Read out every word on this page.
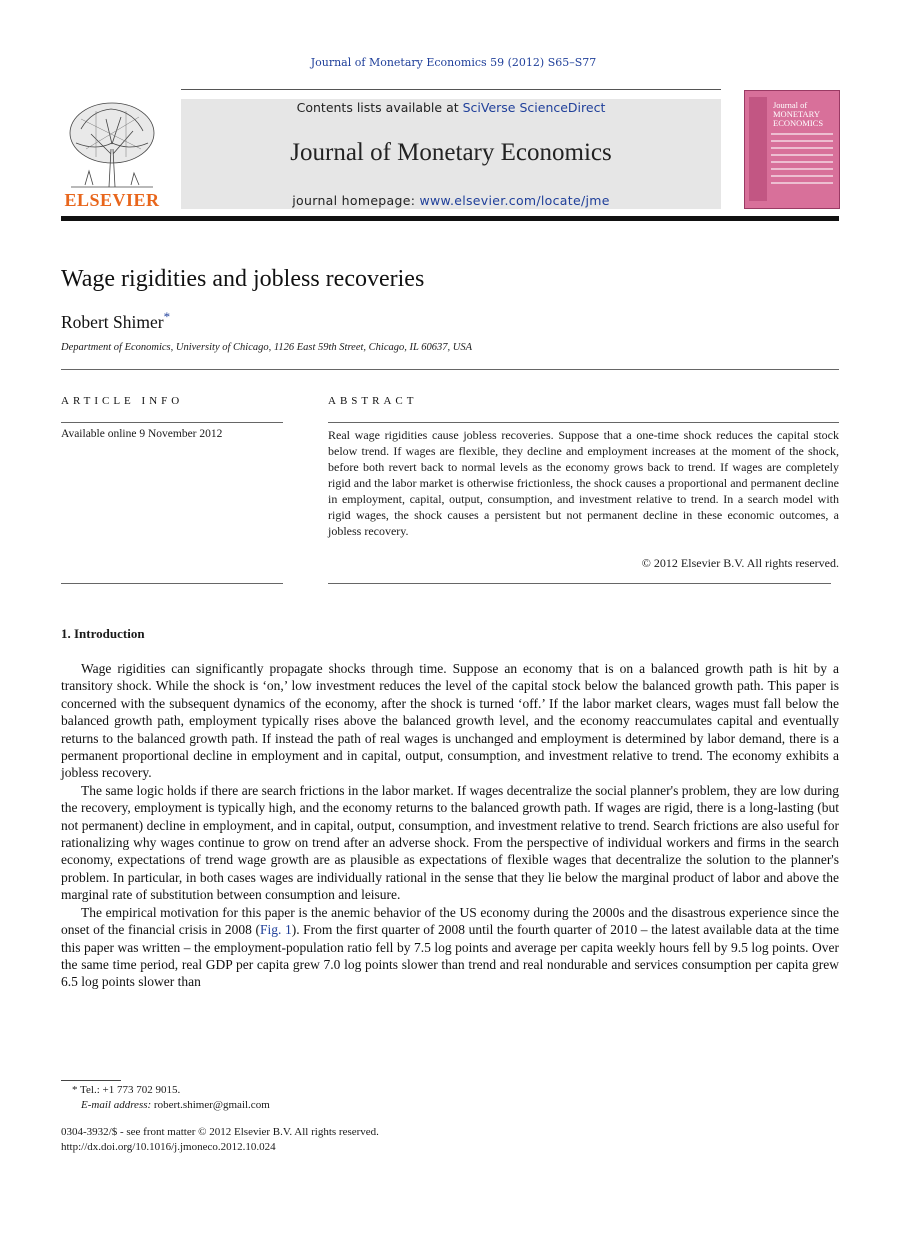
Journal of Monetary Economics 59 (2012) S65–S77
ELSEVIER
Contents lists available at SciVerse ScienceDirect
Journal of Monetary Economics
journal homepage: www.elsevier.com/locate/jme
Journal of MONETARY ECONOMICS
Wage rigidities and jobless recoveries
Robert Shimer*
Department of Economics, University of Chicago, 1126 East 59th Street, Chicago, IL 60637, USA
ARTICLE INFO
Available online 9 November 2012
ABSTRACT
Real wage rigidities cause jobless recoveries. Suppose that a one-time shock reduces the capital stock below trend. If wages are flexible, they decline and employment increases at the moment of the shock, before both revert back to normal levels as the economy grows back to trend. If wages are completely rigid and the labor market is otherwise frictionless, the shock causes a proportional and permanent decline in employment, capital, output, consumption, and investment relative to trend. In a search model with rigid wages, the shock causes a persistent but not permanent decline in these economic outcomes, a jobless recovery.
© 2012 Elsevier B.V. All rights reserved.
1. Introduction

Wage rigidities can significantly propagate shocks through time. Suppose an economy that is on a balanced growth path is hit by a transitory shock. While the shock is ‘on,’ low investment reduces the level of the capital stock below the balanced growth path. This paper is concerned with the subsequent dynamics of the economy, after the shock is turned ‘off.’ If the labor market clears, wages must fall below the balanced growth path, employment typically rises above the balanced growth level, and the economy reaccumulates capital and eventually returns to the balanced growth path. If instead the path of real wages is unchanged and employment is determined by labor demand, there is a permanent proportional decline in employment and in capital, output, consumption, and investment relative to trend. The economy exhibits a jobless recovery.

The same logic holds if there are search frictions in the labor market. If wages decentralize the social planner's problem, they are low during the recovery, employment is typically high, and the economy returns to the balanced growth path. If wages are rigid, there is a long-lasting (but not permanent) decline in employment, and in capital, output, consumption, and investment relative to trend. Search frictions are also useful for rationalizing why wages continue to grow on trend after an adverse shock. From the perspective of individual workers and firms in the search economy, expectations of trend wage growth are as plausible as expectations of flexible wages that decentralize the solution to the planner's problem. In particular, in both cases wages are individually rational in the sense that they lie below the marginal product of labor and above the marginal rate of substitution between consumption and leisure.

The empirical motivation for this paper is the anemic behavior of the US economy during the 2000s and the disastrous experience since the onset of the financial crisis in 2008 (Fig. 1). From the first quarter of 2008 until the fourth quarter of 2010 – the latest available data at the time this paper was written – the employment-population ratio fell by 7.5 log points and average per capita weekly hours fell by 9.5 log points. Over the same time period, real GDP per capita grew 7.0 log points slower than trend and real nondurable and services consumption per capita grew 6.5 log points slower than

* Tel.: +1 773 702 9015.
E-mail address: robert.shimer@gmail.com
0304-3932/$ - see front matter © 2012 Elsevier B.V. All rights reserved.
http://dx.doi.org/10.1016/j.jmoneco.2012.10.024
